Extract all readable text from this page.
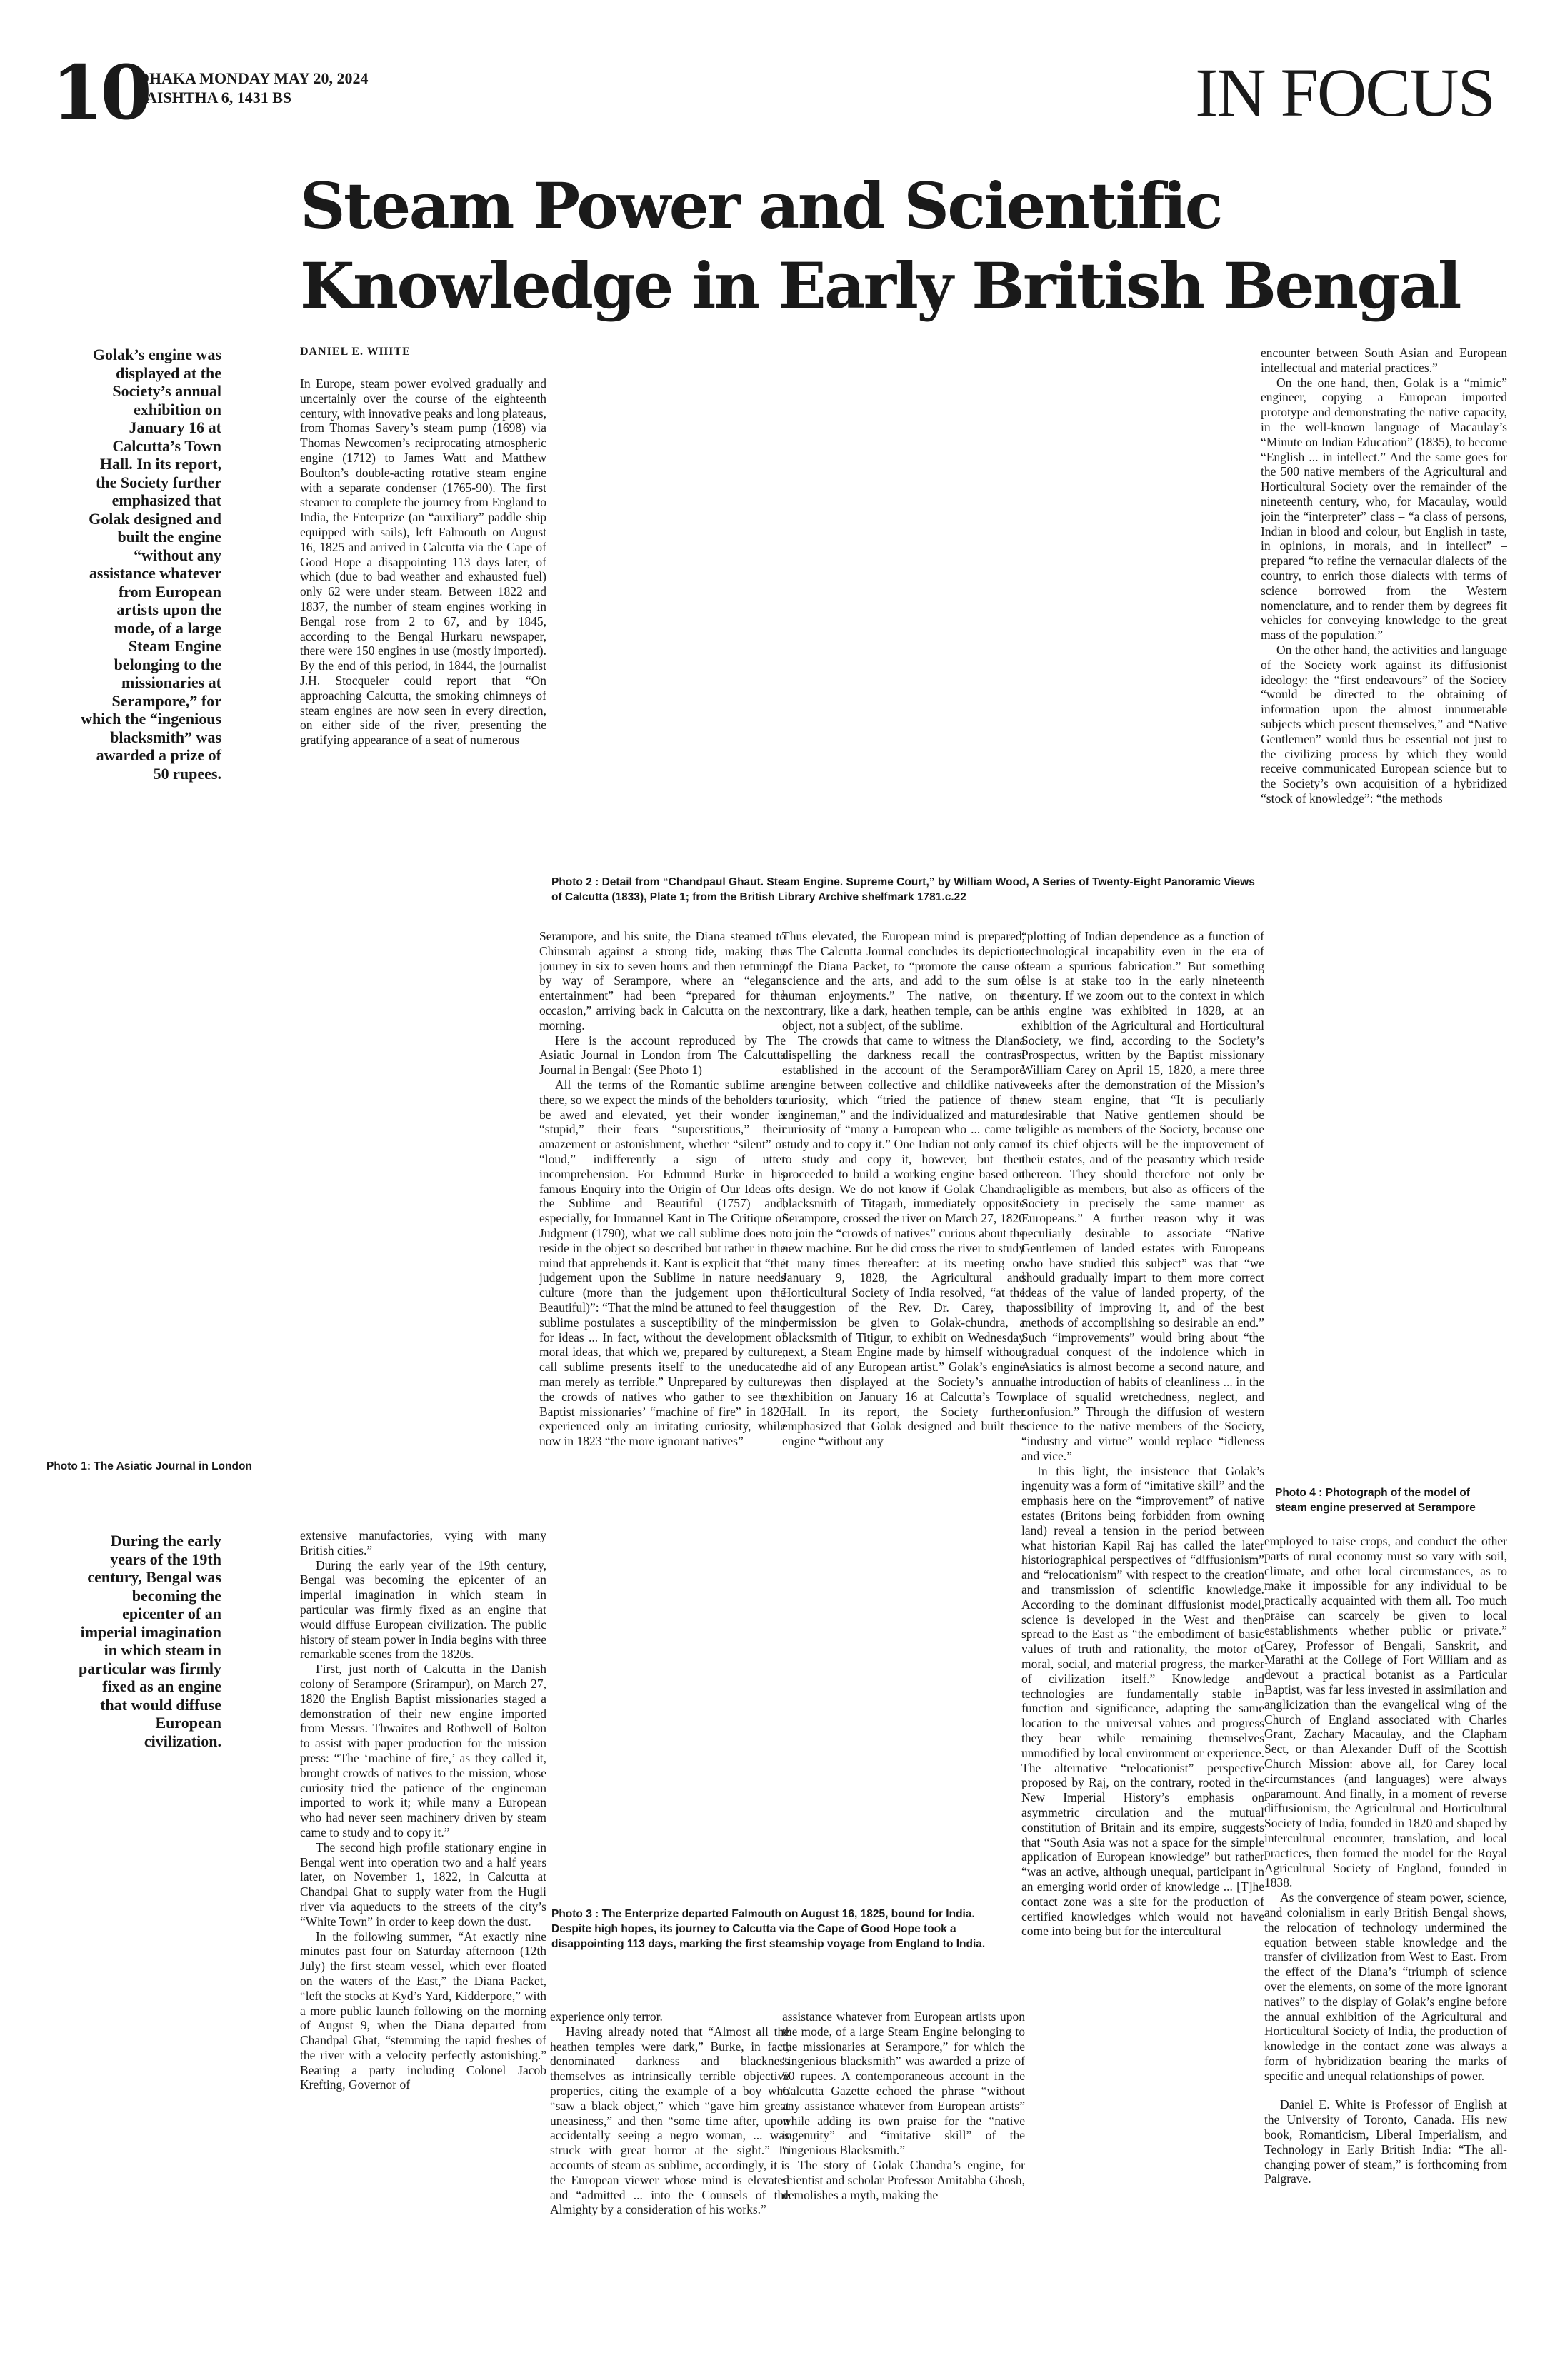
10
DHAKA MONDAY MAY 20, 2024
JAISHTHA 6, 1431 BS	IN FOCUS
Steam Power and Scientific
Knowledge in Early British Bengal
DANIEL E. WHITE
Golak’s engine was displayed at the Society’s annual exhibition on January 16 at Calcutta’s Town Hall. In its report, the Society further emphasized that Golak designed and built the engine “without any assistance whatever from European artists upon the mode, of a large Steam Engine belonging to the missionaries at Serampore,” for which the “ingenious blacksmith” was awarded a prize of 50 rupees.

In Europe, steam power evolved gradually and uncertainly over the course of the eighteenth century, with innovative peaks and long plateaus, from Thomas Savery’s steam pump (1698) via Thomas Newcomen’s reciprocating atmospheric engine (1712) to James Watt and Matthew Boulton’s double-acting rotative steam engine with a separate condenser (1765-90). The first steamer to complete the journey from England to India, the Enterprize (an “auxiliary” paddle ship equipped with sails), left Falmouth on August 16, 1825 and arrived in Calcutta via the Cape of Good Hope a disappointing 113 days later, of which (due to bad weather and exhausted fuel) only 62 were under steam. Between 1822 and 1837, the number of steam engines working in Bengal rose from 2 to 67, and by 1845, according to the Bengal Hurkaru newspaper, there were 150 engines in use (mostly imported). By the end of this period, in 1844, the journalist J.H. Stocqueler could report that “On approaching Calcutta, the smoking chimneys of steam engines are now seen in every direction, on either side of the river, presenting the gratifying appearance of a seat of numerous

Photo 2 : Detail from “Chandpaul Ghaut. Steam Engine. Supreme Court,” by William Wood, A Series of Twenty-Eight Panoramic Views of Calcutta (1833), Plate 1; from the British Library Archive shelfmark 1781.c.22

encounter between South Asian and European intellectual and material practices.”

On the one hand, then, Golak is a “mimic” engineer, copying a European imported prototype and demonstrating the native capacity, in the well-known language of Macaulay’s “Minute on Indian Education” (1835), to become “English ... in intellect.” And the same goes for the 500 native members of the Agricultural and Horticultural Society over the remainder of the nineteenth century, who, for Macaulay, would join the “interpreter” class – “a class of persons, Indian in blood and colour, but English in taste, in opinions, in morals, and in intellect” – prepared “to refine the vernacular dialects of the country, to enrich those dialects with terms of science borrowed from the Western nomenclature, and to render them by degrees fit vehicles for conveying knowledge to the great mass of the population.”

On the other hand, the activities and language of the Society work against its diffusionist ideology: the “first endeavours” of the Society “would be directed to the obtaining of information upon the almost innumerable subjects which present themselves,” and “Native Gentlemen” would thus be essential not just to the civilizing process by which they would receive communicated European science but to the Society’s own acquisition of a hybridized “stock of knowledge”: “the methods

Photo 1: The Asiatic Journal in London

Serampore, and his suite, the Diana steamed to Chinsurah against a strong tide, making the journey in six to seven hours and then returning by way of Serampore, where an “elegant entertainment” had been “prepared for the occasion,” arriving back in Calcutta on the next morning.

Here is the account reproduced by The Asiatic Journal in London from The Calcutta Journal in Bengal: (See Photo 1)

All the terms of the Romantic sublime are there, so we expect the minds of the beholders to be awed and elevated, yet their wonder is “stupid,” their fears “superstitious,” their amazement or astonishment, whether “silent” or “loud,” indifferently a sign of utter incomprehension. For Edmund Burke in his famous Enquiry into the Origin of Our Ideas of the Sublime and Beautiful (1757) and, especially, for Immanuel Kant in The Critique of Judgment (1790), what we call sublime does not reside in the object so described but rather in the mind that apprehends it. Kant is explicit that “the judgement upon the Sublime in nature needs culture (more than the judgement upon the Beautiful)”: “That the mind be attuned to feel the sublime postulates a susceptibility of the mind for ideas ... In fact, without the development of moral ideas, that which we, prepared by culture, call sublime presents itself to the uneducated man merely as terrible.” Unprepared by culture, the crowds of natives who gather to see the Baptist missionaries’ “machine of fire” in 1820 experienced only an irritating curiosity, while now in 1823 “the more ignorant natives”

Thus elevated, the European mind is prepared, as The Calcutta Journal concludes its depiction of the Diana Packet, to “promote the cause of science and the arts, and add to the sum of human enjoyments.” The native, on the contrary, like a dark, heathen temple, can be an object, not a subject, of the sublime.

The crowds that came to witness the Diana dispelling the darkness recall the contrast established in the account of the Serampore engine between collective and childlike native curiosity, which “tried the patience of the engineman,” and the individualized and mature curiosity of “many a European who ... came to study and to copy it.” One Indian not only came to study and copy it, however, but then proceeded to build a working engine based on its design. We do not know if Golak Chandra, blacksmith of Titagarh, immediately opposite Serampore, crossed the river on March 27, 1820 to join the “crowds of natives” curious about the new machine. But he did cross the river to study it many times thereafter: at its meeting on January 9, 1828, the Agricultural and Horticultural Society of India resolved, “at the suggestion of the Rev. Dr. Carey, that permission be given to Golak-chundra, a blacksmith of Titigur, to exhibit on Wednesday next, a Steam Engine made by himself without the aid of any European artist.” Golak’s engine was then displayed at the Society’s annual exhibition on January 16 at Calcutta’s Town Hall. In its report, the Society further emphasized that Golak designed and built the engine “without any

“plotting of Indian dependence as a function of technological incapability even in the era of steam a spurious fabrication.” But something else is at stake too in the early nineteenth century. If we zoom out to the context in which this engine was exhibited in 1828, at an exhibition of the Agricultural and Horticultural Society, we find, according to the Society’s Prospectus, written by the Baptist missionary William Carey on April 15, 1820, a mere three weeks after the demonstration of the Mission’s new steam engine, that “It is peculiarly desirable that Native gentlemen should be eligible as members of the Society, because one of its chief objects will be the improvement of their estates, and of the peasantry which reside thereon. They should therefore not only be eligible as members, but also as officers of the Society in precisely the same manner as Europeans.” A further reason why it was peculiarly desirable to associate “Native Gentlemen of landed estates with Europeans who have studied this subject” was that “we should gradually impart to them more correct ideas of the value of landed property, of the possibility of improving it, and of the best methods of accomplishing so desirable an end.” Such “improvements” would bring about “the gradual conquest of the indolence which in Asiatics is almost become a second nature, and the introduction of habits of cleanliness ... in the place of squalid wretchedness, neglect, and confusion.” Through the diffusion of western science to the native members of the Society, “industry and virtue” would replace “idleness and vice.”

In this light, the insistence that Golak’s ingenuity was a form of “imitative skill” and the emphasis here on the “improvement” of native estates (Britons being forbidden from owning land) reveal a tension in the period between what historian Kapil Raj has called the later historiographical perspectives of “diffusionism” and “relocationism” with respect to the creation and transmission of scientific knowledge. According to the dominant diffusionist model, science is developed in the West and then spread to the East as “the embodiment of basic values of truth and rationality, the motor of moral, social, and material progress, the marker of civilization itself.” Knowledge and technologies are fundamentally stable in function and significance, adapting the same location to the universal values and progress they bear while remaining themselves unmodified by local environment or experience. The alternative “relocationist” perspective proposed by Raj, on the contrary, rooted in the New Imperial History’s emphasis on asymmetric circulation and the mutual constitution of Britain and its empire, suggests that “South Asia was not a space for the simple application of European knowledge” but rather “was an active, although unequal, participant in an emerging world order of knowledge ... [T]he contact zone was a site for the production of certified knowledges which would not have come into being but for the intercultural

Photo 4 : Photograph of the model of steam engine preserved at Serampore
During the early years of the 19th century, Bengal was becoming the epicenter of an imperial imagination in which steam in particular was firmly fixed as an engine that would diffuse European civilization.

extensive manufactories, vying with many British cities.”

During the early year of the 19th century, Bengal was becoming the epicenter of an imperial imagination in which steam in particular was firmly fixed as an engine that would diffuse European civilization. The public history of steam power in India begins with three remarkable scenes from the 1820s.

First, just north of Calcutta in the Danish colony of Serampore (Srirampur), on March 27, 1820 the English Baptist missionaries staged a demonstration of their new engine imported from Messrs. Thwaites and Rothwell of Bolton to assist with paper production for the mission press: “The ‘machine of fire,’ as they called it, brought crowds of natives to the mission, whose curiosity tried the patience of the engineman imported to work it; while many a European who had never seen machinery driven by steam came to study and to copy it.”

The second high profile stationary engine in Bengal went into operation two and a half years later, on November 1, 1822, in Calcutta at Chandpal Ghat to supply water from the Hugli river via aqueducts to the streets of the city’s “White Town” in order to keep down the dust.

In the following summer, “At exactly nine minutes past four on Saturday afternoon (12th July) the first steam vessel, which ever floated on the waters of the East,” the Diana Packet, “left the stocks at Kyd’s Yard, Kidderpore,” with a more public launch following on the morning of August 9, when the Diana departed from Chandpal Ghat, “stemming the rapid freshes of the river with a velocity perfectly astonishing.” Bearing a party including Colonel Jacob Krefting, Governor of

Photo 3 : The Enterprize departed Falmouth on August 16, 1825, bound for India. Despite high hopes, its journey to Calcutta via the Cape of Good Hope took a disappointing 113 days, marking the first steamship voyage from England to India.

experience only terror.

Having already noted that “Almost all the heathen temples were dark,” Burke, in fact, denominated darkness and blackness themselves as intrinsically terrible objective properties, citing the example of a boy who “saw a black object,” which “gave him great uneasiness,” and then “some time after, upon accidentally seeing a negro woman, ... was struck with great horror at the sight.” In accounts of steam as sublime, accordingly, it is the European viewer whose mind is elevated and “admitted ... into the Counsels of the Almighty by a consideration of his works.”

assistance whatever from European artists upon the mode, of a large Steam Engine belonging to the missionaries at Serampore,” for which the “ingenious blacksmith” was awarded a prize of 50 rupees. A contemporaneous account in the Calcutta Gazette echoed the phrase “without any assistance whatever from European artists” while adding its own praise for the “native ingenuity” and “imitative skill” of the “ingenious Blacksmith.”

The story of Golak Chandra’s engine, for scientist and scholar Professor Amitabha Ghosh, demolishes a myth, making the

employed to raise crops, and conduct the other parts of rural economy must so vary with soil, climate, and other local circumstances, as to make it impossible for any individual to be practically acquainted with them all. Too much praise can scarcely be given to local establishments whether public or private.” Carey, Professor of Bengali, Sanskrit, and Marathi at the College of Fort William and as devout a practical botanist as a Particular Baptist, was far less invested in assimilation and anglicization than the evangelical wing of the Church of England associated with Charles Grant, Zachary Macaulay, and the Clapham Sect, or than Alexander Duff of the Scottish Church Mission: above all, for Carey local circumstances (and languages) were always paramount. And finally, in a moment of reverse diffusionism, the Agricultural and Horticultural Society of India, founded in 1820 and shaped by intercultural encounter, translation, and local practices, then formed the model for the Royal Agricultural Society of England, founded in 1838.

As the convergence of steam power, science, and colonialism in early British Bengal shows, the relocation of technology undermined the equation between stable knowledge and the transfer of civilization from West to East. From the effect of the Diana’s “triumph of science over the elements, on some of the more ignorant natives” to the display of Golak’s engine before the annual exhibition of the Agricultural and Horticultural Society of India, the production of knowledge in the contact zone was always a form of hybridization bearing the marks of specific and unequal relationships of power.

Daniel E. White is Professor of English at the University of Toronto, Canada. His new book, Romanticism, Liberal Imperialism, and Technology in Early British India: “The all-changing power of steam,” is forthcoming from Palgrave.
